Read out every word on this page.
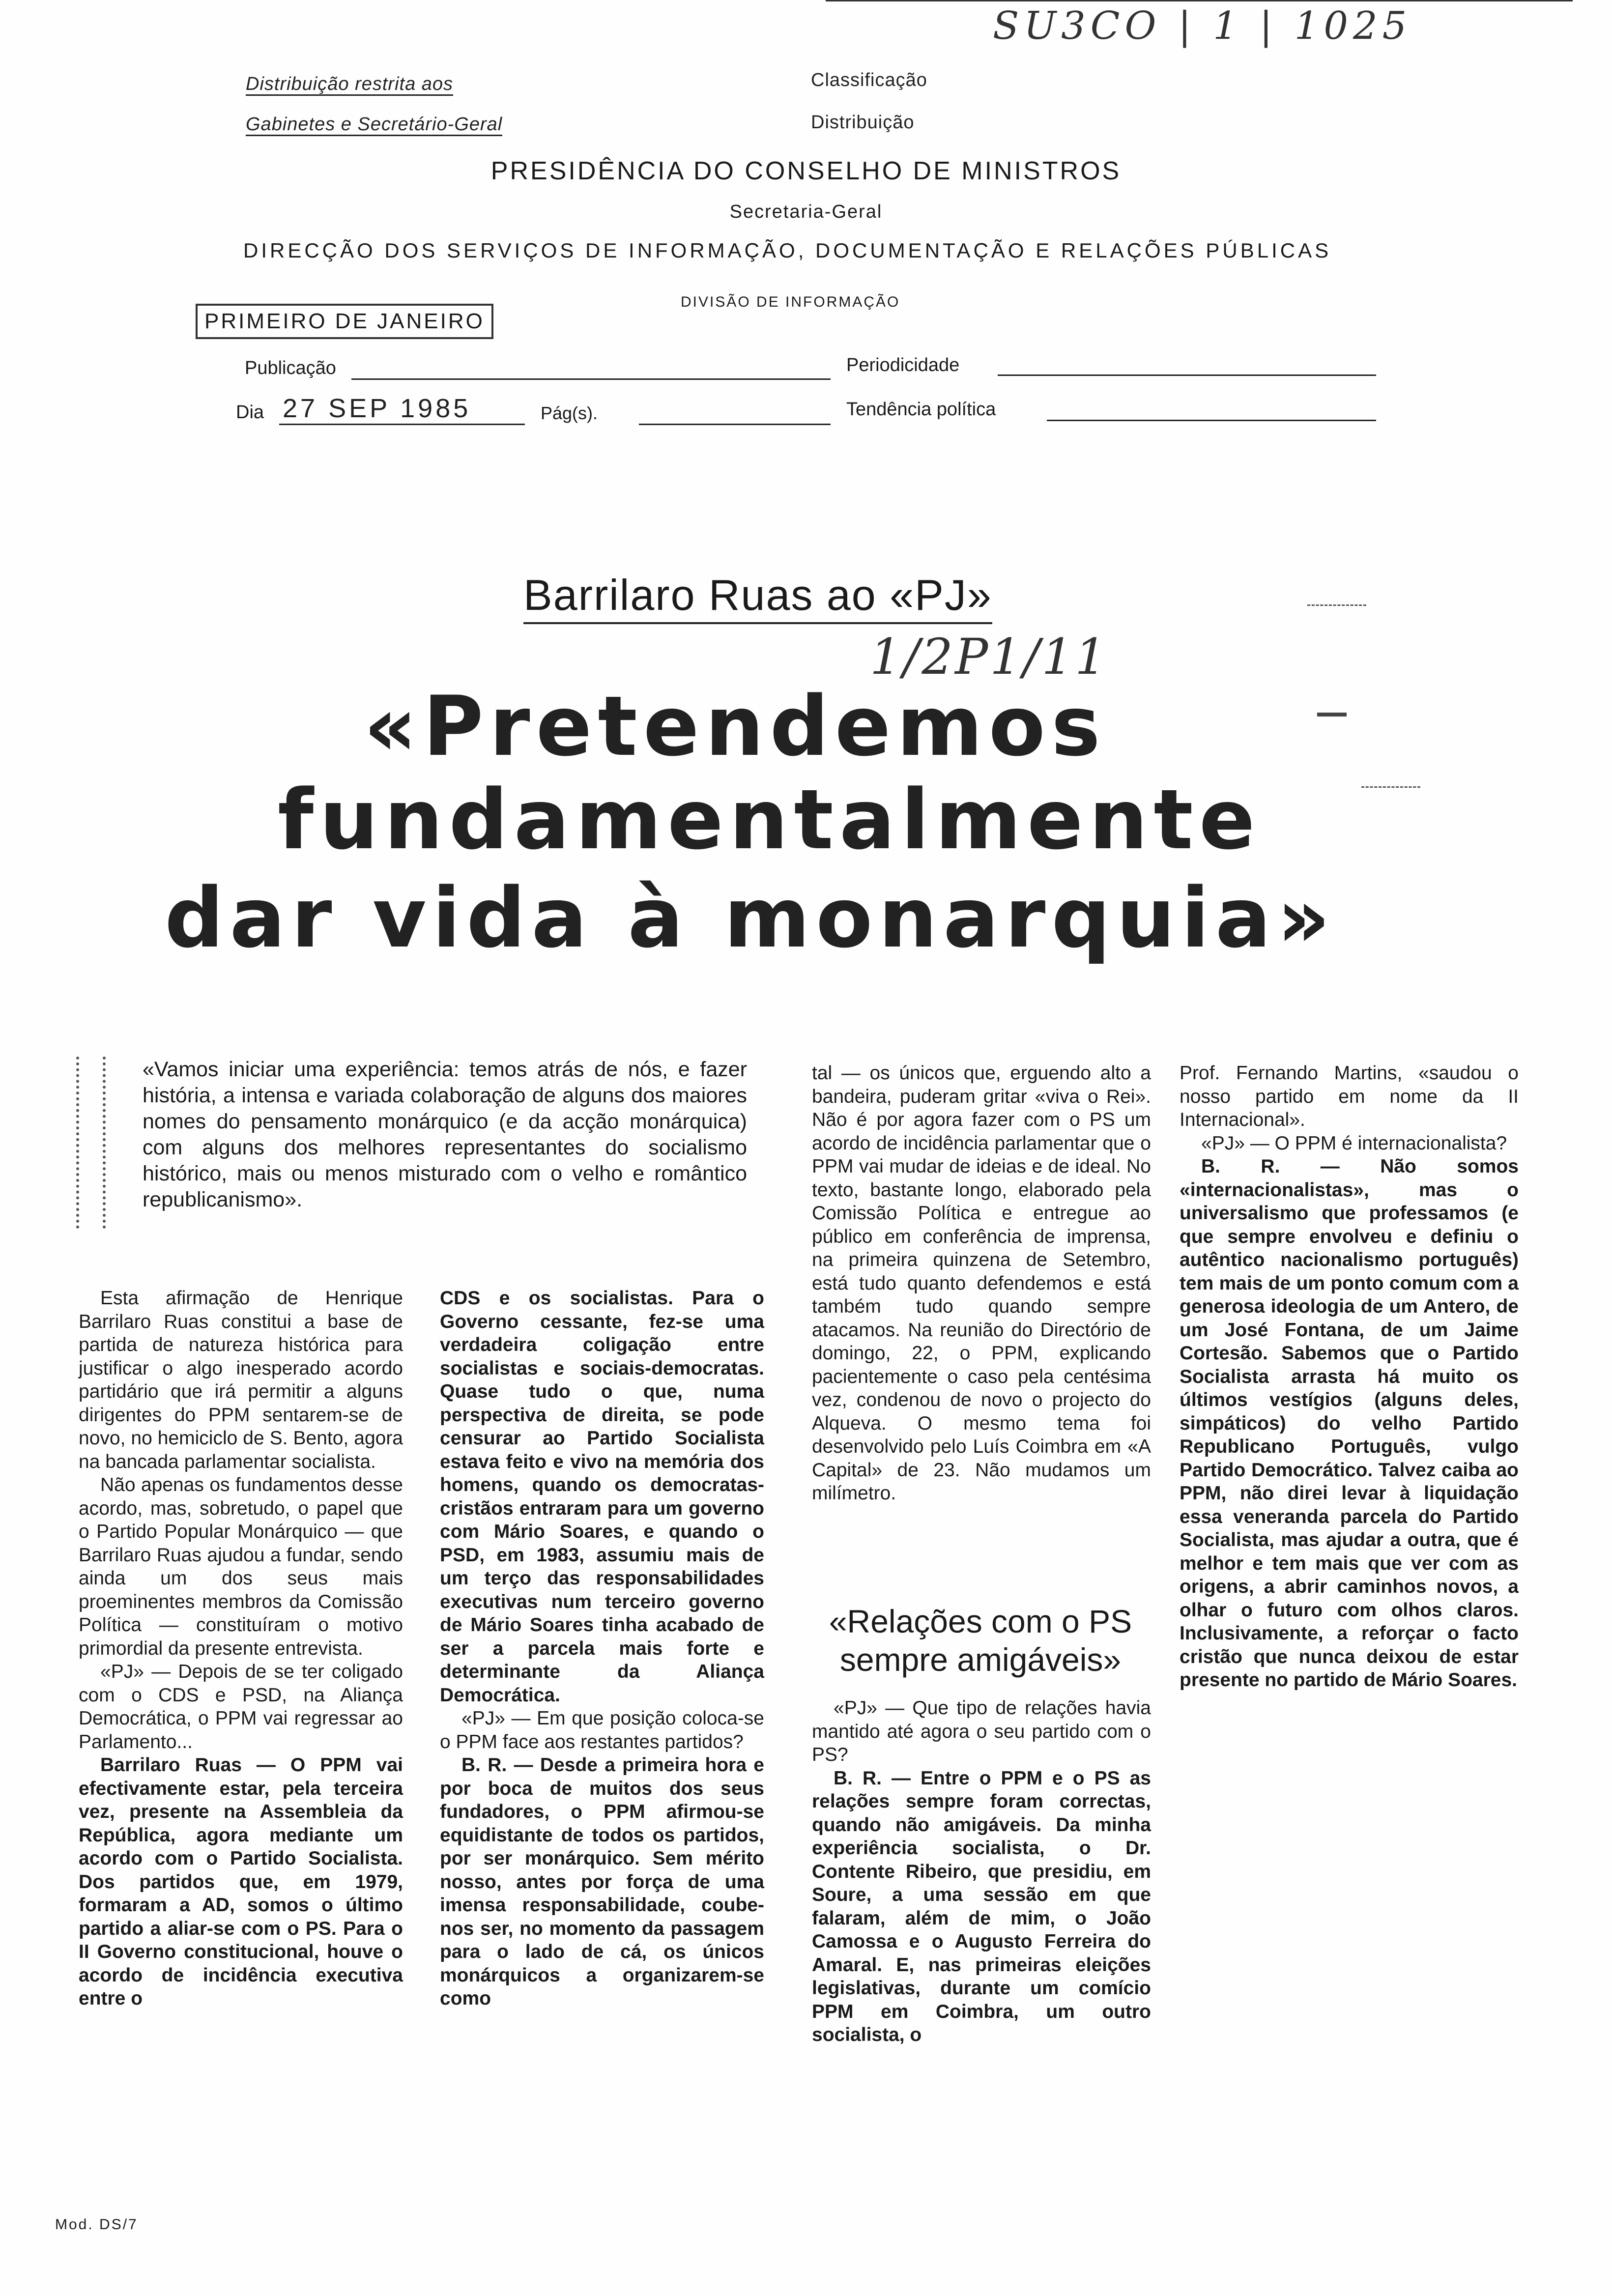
SU3CO | 1 | 1025
Distribuição restrita aos
Gabinetes e Secretário-Geral
Classificação
Distribuição
PRESIDÊNCIA DO CONSELHO DE MINISTROS
Secretaria-Geral
DIRECÇÃO DOS SERVIÇOS DE INFORMAÇÃO, DOCUMENTAÇÃO E RELAÇÕES PÚBLICAS
DIVISÃO DE INFORMAÇÃO
PRIMEIRO DE JANEIRO
Publicação	Periodicidade
Dia 27 SEP 1985	Pág(s).	Tendência política
Barrilaro Ruas ao «PJ»
1/2P1/11
«Pretendemos
fundamentalmente
dar vida à monarquia»
«Vamos iniciar uma experiência: temos atrás de nós, e fazer história, a intensa e variada colaboração de alguns dos maiores nomes do pensamento monárquico (e da acção monárquica) com alguns dos melhores representantes do socialismo histórico, mais ou menos misturado com o velho e romântico republicanismo».

Esta afirmação de Henrique Barrilaro Ruas constitui a base de partida de natureza histórica para justificar o algo inesperado acordo partidário que irá permitir a alguns dirigentes do PPM sentarem-se de novo, no hemiciclo de S. Bento, agora na bancada parlamentar socialista.

Não apenas os fundamentos desse acordo, mas, sobretudo, o papel que o Partido Popular Monárquico — que Barrilaro Ruas ajudou a fundar, sendo ainda um dos seus mais proeminentes membros da Comissão Política — constituíram o motivo primordial da presente entrevista.

«PJ» — Depois de se ter coligado com o CDS e PSD, na Aliança Democrática, o PPM vai regressar ao Parlamento...

Barrilaro Ruas — O PPM vai efectivamente estar, pela terceira vez, presente na Assembleia da República, agora mediante um acordo com o Partido Socialista. Dos partidos que, em 1979, formaram a AD, somos o último partido a aliar-se com o PS. Para o II Governo constitucional, houve o acordo de incidência executiva entre o

CDS e os socialistas. Para o Governo cessante, fez-se uma verdadeira coligação entre socialistas e sociais-democratas. Quase tudo o que, numa perspectiva de direita, se pode censurar ao Partido Socialista estava feito e vivo na memória dos homens, quando os democratas-cristãos entraram para um governo com Mário Soares, e quando o PSD, em 1983, assumiu mais de um terço das responsabilidades executivas num terceiro governo de Mário Soares tinha acabado de ser a parcela mais forte e determinante da Aliança Democrática.

«PJ» — Em que posição coloca-se o PPM face aos restantes partidos?

B. R. — Desde a primeira hora e por boca de muitos dos seus fundadores, o PPM afirmou-se equidistante de todos os partidos, por ser monárquico. Sem mérito nosso, antes por força de uma imensa responsabilidade, coube-nos ser, no momento da passagem para o lado de cá, os únicos monárquicos a organizarem-se como

tal — os únicos que, erguendo alto a bandeira, puderam gritar «viva o Rei». Não é por agora fazer com o PS um acordo de incidência parlamentar que o PPM vai mudar de ideias e de ideal. No texto, bastante longo, elaborado pela Comissão Política e entregue ao público em conferência de imprensa, na primeira quinzena de Setembro, está tudo quanto defendemos e está também tudo quando sempre atacamos. Na reunião do Directório de domingo, 22, o PPM, explicando pacientemente o caso pela centésima vez, condenou de novo o projecto do Alqueva. O mesmo tema foi desenvolvido pelo Luís Coimbra em «A Capital» de 23. Não mudamos um milímetro.

«Relações com o PS sempre amigáveis»

«PJ» — Que tipo de relações havia mantido até agora o seu partido com o PS?

B. R. — Entre o PPM e o PS as relações sempre foram correctas, quando não amigáveis. Da minha experiência socialista, o Dr. Contente Ribeiro, que presidiu, em Soure, a uma sessão em que falaram, além de mim, o João Camossa e o Augusto Ferreira do Amaral. E, nas primeiras eleições legislativas, durante um comício PPM em Coimbra, um outro socialista, o

Prof. Fernando Martins, «saudou o nosso partido em nome da II Internacional».

«PJ» — O PPM é internacionalista?

B. R. — Não somos «internacionalistas», mas o universalismo que professamos (e que sempre envolveu e definiu o autêntico nacionalismo português) tem mais de um ponto comum com a generosa ideologia de um Antero, de um José Fontana, de um Jaime Cortesão. Sabemos que o Partido Socialista arrasta há muito os últimos vestígios (alguns deles, simpáticos) do velho Partido Republicano Português, vulgo Partido Democrático. Talvez caiba ao PPM, não direi levar à liquidação essa veneranda parcela do Partido Socialista, mas ajudar a outra, que é melhor e tem mais que ver com as origens, a abrir caminhos novos, a olhar o futuro com olhos claros. Inclusivamente, a reforçar o facto cristão que nunca deixou de estar presente no partido de Mário Soares.

Mod. DS/7
